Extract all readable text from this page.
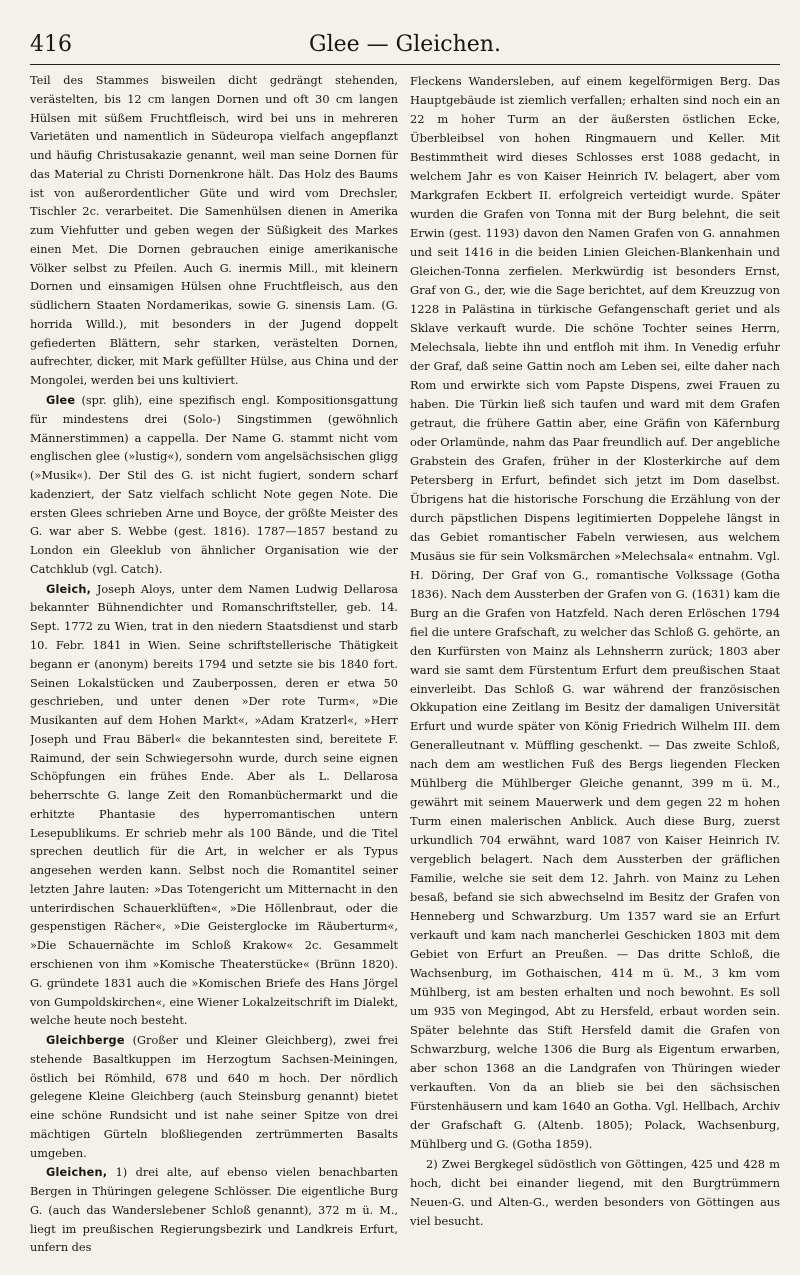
416	Glee — Gleichen.

Teil des Stammes bisweilen dicht gedrängt stehenden, verästelten, bis 12 cm langen Dornen und oft 30 cm langen Hülsen mit süßem Fruchtfleisch, wird bei uns in mehreren Varietäten und namentlich in Südeuropa vielfach angepflanzt und häufig Christusakazie genannt, weil man seine Dornen für das Material zu Christi Dornenkrone hält. Das Holz des Baums ist von außerordentlicher Güte und wird vom Drechsler, Tischler 2c. verarbeitet. Die Samenhülsen dienen in Amerika zum Viehfutter und geben wegen der Süßigkeit des Markes einen Met. Die Dornen gebrauchen einige amerikanische Völker selbst zu Pfeilen. Auch G. inermis Mill., mit kleinern Dornen und einsamigen Hülsen ohne Fruchtfleisch, aus den südlichern Staaten Nordamerikas, sowie G. sinensis Lam. (G. horrida Willd.), mit besonders in der Jugend doppelt gefiederten Blättern, sehr starken, verästelten Dornen, aufrechter, dicker, mit Mark gefüllter Hülse, aus China und der Mongolei, werden bei uns kultiviert.

Glee (spr. glih), eine spezifisch engl. Kompositionsgattung für mindestens drei (Solo-) Singstimmen (gewöhnlich Männerstimmen) a cappella. Der Name G. stammt nicht vom englischen glee (»lustig«), sondern vom angelsächsischen gligg (»Musik«). Der Stil des G. ist nicht fugiert, sondern scharf kadenziert, der Satz vielfach schlicht Note gegen Note. Die ersten Glees schrieben Arne und Boyce, der größte Meister des G. war aber S. Webbe (gest. 1816). 1787—1857 bestand zu London ein Gleeklub von ähnlicher Organisation wie der Catchklub (vgl. Catch).

Gleich, Joseph Aloys, unter dem Namen Ludwig Dellarosa bekannter Bühnendichter und Romanschriftsteller, geb. 14. Sept. 1772 zu Wien, trat in den niedern Staatsdienst und starb 10. Febr. 1841 in Wien. Seine schriftstellerische Thätigkeit begann er (anonym) bereits 1794 und setzte sie bis 1840 fort. Seinen Lokalstücken und Zauberpossen, deren er etwa 50 geschrieben, und unter denen »Der rote Turm«, »Die Musikanten auf dem Hohen Markt«, »Adam Kratzerl«, »Herr Joseph und Frau Bäberl« die bekanntesten sind, bereitete F. Raimund, der sein Schwiegersohn wurde, durch seine eignen Schöpfungen ein frühes Ende. Aber als L. Dellarosa beherrschte G. lange Zeit den Romanbüchermarkt und die erhitzte Phantasie des hyperromantischen untern Lesepublikums. Er schrieb mehr als 100 Bände, und die Titel sprechen deutlich für die Art, in welcher er als Typus angesehen werden kann. Selbst noch die Romantitel seiner letzten Jahre lauten: »Das Totengericht um Mitternacht in den unterirdischen Schauerklüften«, »Die Höllenbraut, oder die gespenstigen Rächer«, »Die Geisterglocke im Räuberturm«, »Die Schauernächte im Schloß Krakow« 2c. Gesammelt erschienen von ihm »Komische Theaterstücke« (Brünn 1820). G. gründete 1831 auch die »Komischen Briefe des Hans Jörgel von Gumpoldskirchen«, eine Wiener Lokalzeitschrift im Dialekt, welche heute noch besteht.

Gleichberge (Großer und Kleiner Gleichberg), zwei frei stehende Basaltkuppen im Herzogtum Sachsen-Meiningen, östlich bei Römhild, 678 und 640 m hoch. Der nördlich gelegene Kleine Gleichberg (auch Steinsburg genannt) bietet eine schöne Rundsicht und ist nahe seiner Spitze von drei mächtigen Gürteln bloßliegenden zertrümmerten Basalts umgeben.

Gleichen, 1) drei alte, auf ebenso vielen benachbarten Bergen in Thüringen gelegene Schlösser. Die eigentliche Burg G. (auch das Wanderslebener Schloß genannt), 372 m ü. M., liegt im preußischen Regierungsbezirk und Landkreis Erfurt, unfern des

Fleckens Wandersleben, auf einem kegelförmigen Berg. Das Hauptgebäude ist ziemlich verfallen; erhalten sind noch ein an 22 m hoher Turm an der äußersten östlichen Ecke, Überbleibsel von hohen Ringmauern und Keller. Mit Bestimmtheit wird dieses Schlosses erst 1088 gedacht, in welchem Jahr es von Kaiser Heinrich IV. belagert, aber vom Markgrafen Eckbert II. erfolgreich verteidigt wurde. Später wurden die Grafen von Tonna mit der Burg belehnt, die seit Erwin (gest. 1193) davon den Namen Grafen von G. annahmen und seit 1416 in die beiden Linien Gleichen-Blankenhain und Gleichen-Tonna zerfielen. Merkwürdig ist besonders Ernst, Graf von G., der, wie die Sage berichtet, auf dem Kreuzzug von 1228 in Palästina in türkische Gefangenschaft geriet und als Sklave verkauft wurde. Die schöne Tochter seines Herrn, Melechsala, liebte ihn und entfloh mit ihm. In Venedig erfuhr der Graf, daß seine Gattin noch am Leben sei, eilte daher nach Rom und erwirkte sich vom Papste Dispens, zwei Frauen zu haben. Die Türkin ließ sich taufen und ward mit dem Grafen getraut, die frühere Gattin aber, eine Gräfin von Käfernburg oder Orlamünde, nahm das Paar freundlich auf. Der angebliche Grabstein des Grafen, früher in der Klosterkirche auf dem Petersberg in Erfurt, befindet sich jetzt im Dom daselbst. Übrigens hat die historische Forschung die Erzählung von der durch päpstlichen Dispens legitimierten Doppelehe längst in das Gebiet romantischer Fabeln verwiesen, aus welchem Musäus sie für sein Volksmärchen »Melechsala« entnahm. Vgl. H. Döring, Der Graf von G., romantische Volkssage (Gotha 1836). Nach dem Aussterben der Grafen von G. (1631) kam die Burg an die Grafen von Hatzfeld. Nach deren Erlöschen 1794 fiel die untere Grafschaft, zu welcher das Schloß G. gehörte, an den Kurfürsten von Mainz als Lehnsherrn zurück; 1803 aber ward sie samt dem Fürstentum Erfurt dem preußischen Staat einverleibt. Das Schloß G. war während der französischen Okkupation eine Zeitlang im Besitz der damaligen Universität Erfurt und wurde später von König Friedrich Wilhelm III. dem Generalleutnant v. Müffling geschenkt. — Das zweite Schloß, nach dem am westlichen Fuß des Bergs liegenden Flecken Mühlberg die Mühlberger Gleiche genannt, 399 m ü. M., gewährt mit seinem Mauerwerk und dem gegen 22 m hohen Turm einen malerischen Anblick. Auch diese Burg, zuerst urkundlich 704 erwähnt, ward 1087 von Kaiser Heinrich IV. vergeblich belagert. Nach dem Aussterben der gräflichen Familie, welche sie seit dem 12. Jahrh. von Mainz zu Lehen besaß, befand sie sich abwechselnd im Besitz der Grafen von Henneberg und Schwarzburg. Um 1357 ward sie an Erfurt verkauft und kam nach mancherlei Geschicken 1803 mit dem Gebiet von Erfurt an Preußen. — Das dritte Schloß, die Wachsenburg, im Gothaischen, 414 m ü. M., 3 km vom Mühlberg, ist am besten erhalten und noch bewohnt. Es soll um 935 von Megingod, Abt zu Hersfeld, erbaut worden sein. Später belehnte das Stift Hersfeld damit die Grafen von Schwarzburg, welche 1306 die Burg als Eigentum erwarben, aber schon 1368 an die Landgrafen von Thüringen wieder verkauften. Von da an blieb sie bei den sächsischen Fürstenhäusern und kam 1640 an Gotha. Vgl. Hellbach, Archiv der Grafschaft G. (Altenb. 1805); Polack, Wachsenburg, Mühlberg und G. (Gotha 1859).

2) Zwei Bergkegel südöstlich von Göttingen, 425 und 428 m hoch, dicht bei einander liegend, mit den Burgtrümmern Neuen-G. und Alten-G., werden besonders von Göttingen aus viel besucht.
